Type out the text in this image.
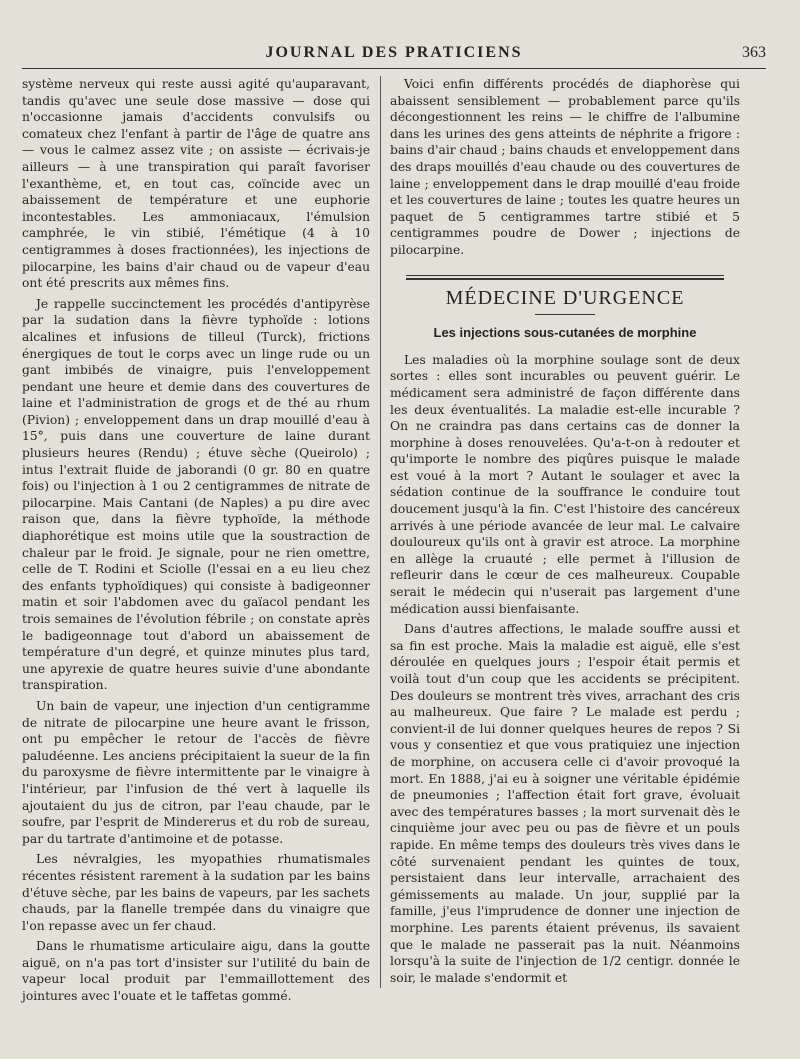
JOURNAL DES PRATICIENS	363

système nerveux qui reste aussi agité qu'auparavant, tandis qu'avec une seule dose massive — dose qui n'occasionne jamais d'accidents convulsifs ou comateux chez l'enfant à partir de l'âge de quatre ans — vous le calmez assez vite ; on assiste — écrivais-je ailleurs — à une transpiration qui paraît favoriser l'exanthème, et, en tout cas, coïncide avec un abaissement de température et une euphorie incontestables. Les ammoniacaux, l'émulsion camphrée, le vin stibié, l'émétique (4 à 10 centigrammes à doses fractionnées), les injections de pilocarpine, les bains d'air chaud ou de vapeur d'eau ont été prescrits aux mêmes fins.

Je rappelle succinctement les procédés d'antipyrèse par la sudation dans la fièvre typhoïde : lotions alcalines et infusions de tilleul (Turck), frictions énergiques de tout le corps avec un linge rude ou un gant imbibés de vinaigre, puis l'enveloppement pendant une heure et demie dans des couvertures de laine et l'administration de grogs et de thé au rhum (Pivion) ; enveloppement dans un drap mouillé d'eau à 15°, puis dans une couverture de laine durant plusieurs heures (Rendu) ; étuve sèche (Queirolo) ; intus l'extrait fluide de jaborandi (0 gr. 80 en quatre fois) ou l'injection à 1 ou 2 centigrammes de nitrate de pilocarpine. Mais Cantani (de Naples) a pu dire avec raison que, dans la fièvre typhoïde, la méthode diaphorétique est moins utile que la soustraction de chaleur par le froid. Je signale, pour ne rien omettre, celle de T. Rodini et Sciolle (l'essai en a eu lieu chez des enfants typhoïdiques) qui consiste à badigeonner matin et soir l'abdomen avec du gaïacol pendant les trois semaines de l'évolution fébrile ; on constate après le badigeonnage tout d'abord un abaissement de température d'un degré, et quinze minutes plus tard, une apyrexie de quatre heures suivie d'une abondante transpiration.

Un bain de vapeur, une injection d'un centigramme de nitrate de pilocarpine une heure avant le frisson, ont pu empêcher le retour de l'accès de fièvre paludéenne. Les anciens précipitaient la sueur de la fin du paroxysme de fièvre intermittente par le vinaigre à l'intérieur, par l'infusion de thé vert à laquelle ils ajoutaient du jus de citron, par l'eau chaude, par le soufre, par l'esprit de Mindererus et du rob de sureau, par du tartrate d'antimoine et de potasse.

Les névralgies, les myopathies rhumatismales récentes résistent rarement à la sudation par les bains d'étuve sèche, par les bains de vapeurs, par les sachets chauds, par la flanelle trempée dans du vinaigre que l'on repasse avec un fer chaud.

Dans le rhumatisme articulaire aigu, dans la goutte aiguë, on n'a pas tort d'insister sur l'utilité du bain de vapeur local produit par l'emmaillottement des jointures avec l'ouate et le taffetas gommé.

Voici enfin différents procédés de diaphorèse qui abaissent sensiblement — probablement parce qu'ils décongestionnent les reins — le chiffre de l'albumine dans les urines des gens atteints de néphrite a frigore : bains d'air chaud ; bains chauds et enveloppement dans des draps mouillés d'eau chaude ou des couvertures de laine ; enveloppement dans le drap mouillé d'eau froide et les couvertures de laine ; toutes les quatre heures un paquet de 5 centigrammes tartre stibié et 5 centigrammes poudre de Dower ; injections de pilocarpine.

MÉDECINE D'URGENCE
Les injections sous-cutanées de morphine

Les maladies où la morphine soulage sont de deux sortes : elles sont incurables ou peuvent guérir. Le médicament sera administré de façon différente dans les deux éventualités. La maladie est-elle incurable ? On ne craindra pas dans certains cas de donner la morphine à doses renouvelées. Qu'a-t-on à redouter et qu'importe le nombre des piqûres puisque le malade est voué à la mort ? Autant le soulager et avec la sédation continue de la souffrance le conduire tout doucement jusqu'à la fin. C'est l'histoire des cancéreux arrivés à une période avancée de leur mal. Le calvaire douloureux qu'ils ont à gravir est atroce. La morphine en allège la cruauté ; elle permet à l'illusion de refleurir dans le cœur de ces malheureux. Coupable serait le médecin qui n'userait pas largement d'une médication aussi bienfaisante.

Dans d'autres affections, le malade souffre aussi et sa fin est proche. Mais la maladie est aiguë, elle s'est déroulée en quelques jours ; l'espoir était permis et voilà tout d'un coup que les accidents se précipitent. Des douleurs se montrent très vives, arrachant des cris au malheureux. Que faire ? Le malade est perdu ; convient-il de lui donner quelques heures de repos ? Si vous y consentiez et que vous pratiquiez une injection de morphine, on accusera celle ci d'avoir provoqué la mort. En 1888, j'ai eu à soigner une véritable épidémie de pneumonies ; l'affection était fort grave, évoluait avec des températures basses ; la mort survenait dès le cinquième jour avec peu ou pas de fièvre et un pouls rapide. En même temps des douleurs très vives dans le côté survenaient pendant les quintes de toux, persistaient dans leur intervalle, arrachaient des gémissements au malade. Un jour, supplié par la famille, j'eus l'imprudence de donner une injection de morphine. Les parents étaient prévenus, ils savaient que le malade ne passerait pas la nuit. Néanmoins lorsqu'à la suite de l'injection de 1/2 centigr. donnée le soir, le malade s'endormit et
